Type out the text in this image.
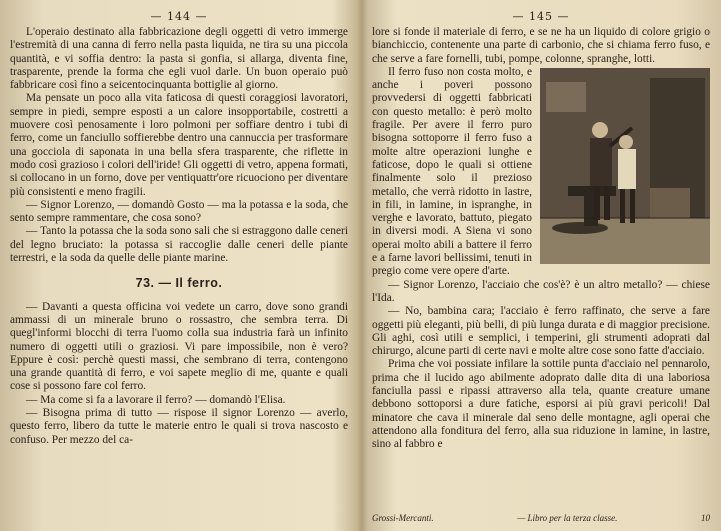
— 144 —

L'operaio destinato alla fabbricazione degli oggetti di vetro immerge l'estremità di una canna di ferro nella pasta liquida, ne tira su una piccola quantità, e vi soffia dentro: la pasta si gonfia, si allarga, diventa fine, trasparente, prende la forma che egli vuol darle. Un buon operaio può fabbricare così fino a seicentocinquanta bottiglie al giorno.

Ma pensate un poco alla vita faticosa di questi coraggiosi lavoratori, sempre in piedi, sempre esposti a un calore insopportabile, costretti a muovere così penosamente i loro polmoni per soffiare dentro i tubi di ferro, come un fanciullo soffierebbe dentro una cannuccia per trasformare una gocciola di saponata in una bella sfera trasparente, che riflette in modo così grazioso i colori dell'iride! Gli oggetti di vetro, appena formati, si collocano in un forno, dove per ventiquattr'ore ricuociono per diventare più consistenti e meno fragili.

— Signor Lorenzo, — domandò Gosto — ma la potassa e la soda, che sento sempre rammentare, che cosa sono?

— Tanto la potassa che la soda sono sali che si estraggono dalle ceneri del legno bruciato: la potassa si raccoglie dalle ceneri delle piante terrestri, e la soda da quelle delle piante marine.

73. — Il ferro.

— Davanti a questa officina voi vedete un carro, dove sono grandi ammassi di un minerale bruno o rossastro, che sembra terra. Di quegl'informi blocchi di terra l'uomo colla sua industria farà un infinito numero di oggetti utili o graziosi. Vi pare impossibile, non è vero? Eppure è così: perchè questi massi, che sembrano di terra, contengono una grande quantità di ferro, e voi sapete meglio di me, quante e quali cose si possono fare col ferro.

— Ma come si fa a lavorare il ferro? — domandò l'Elisa.

— Bisogna prima di tutto — rispose il signor Lorenzo — averlo, questo ferro, libero da tutte le materie entro le quali si trova nascosto e confuso. Per mezzo del ca-

— 145 —

lore si fonde il materiale di ferro, e se ne ha un liquido di colore grigio o bianchiccio, contenente una parte di carbonio, che si chiama ferro fuso, e che serve a fare fornelli, tubi, pompe, colonne, spranghe, lotti.

Il ferro fuso non costa molto, e anche i poveri possono provvedersi di oggetti fabbricati con questo metallo: è però molto fragile. Per avere il ferro puro bisogna sottoporre il ferro fuso a molte altre operazioni lunghe e faticose, dopo le quali si ottiene finalmente solo il prezioso metallo, che verrà ridotto in lastre, in fili, in lamine, in ispranghe, in verghe e lavorato, battuto, piegato in diversi modi. A Siena vi sono operai molto abili a battere il ferro e a farne lavori bellissimi, tenuti in pregio come vere opere d'arte.

— Signor Lorenzo, l'acciaio che cos'è? è un altro metallo? — chiese l'Ida.

— No, bambina cara; l'acciaio è ferro raffinato, che serve a fare oggetti più eleganti, più belli, di più lunga durata e di maggior precisione. Gli aghi, così utili e semplici, i temperini, gli strumenti adoprati dal chirurgo, alcune parti di certe navi e molte altre cose sono fatte d'acciaio.

Prima che voi possiate infilare la sottile punta d'acciaio nel pennarolo, prima che il lucido ago abilmente adoprato dalle dita di una laboriosa fanciulla passi e ripassi attraverso alla tela, quante creature umane debbono sottoporsi a dure fatiche, esporsi ai più gravi pericoli! Dal minatore che cava il minerale dal seno delle montagne, agli operai che attendono alla fonditura del ferro, alla sua riduzione in lamine, in lastre, sino al fabbro e

Grossi-Mercanti.	— Libro per la terza classe.	10
